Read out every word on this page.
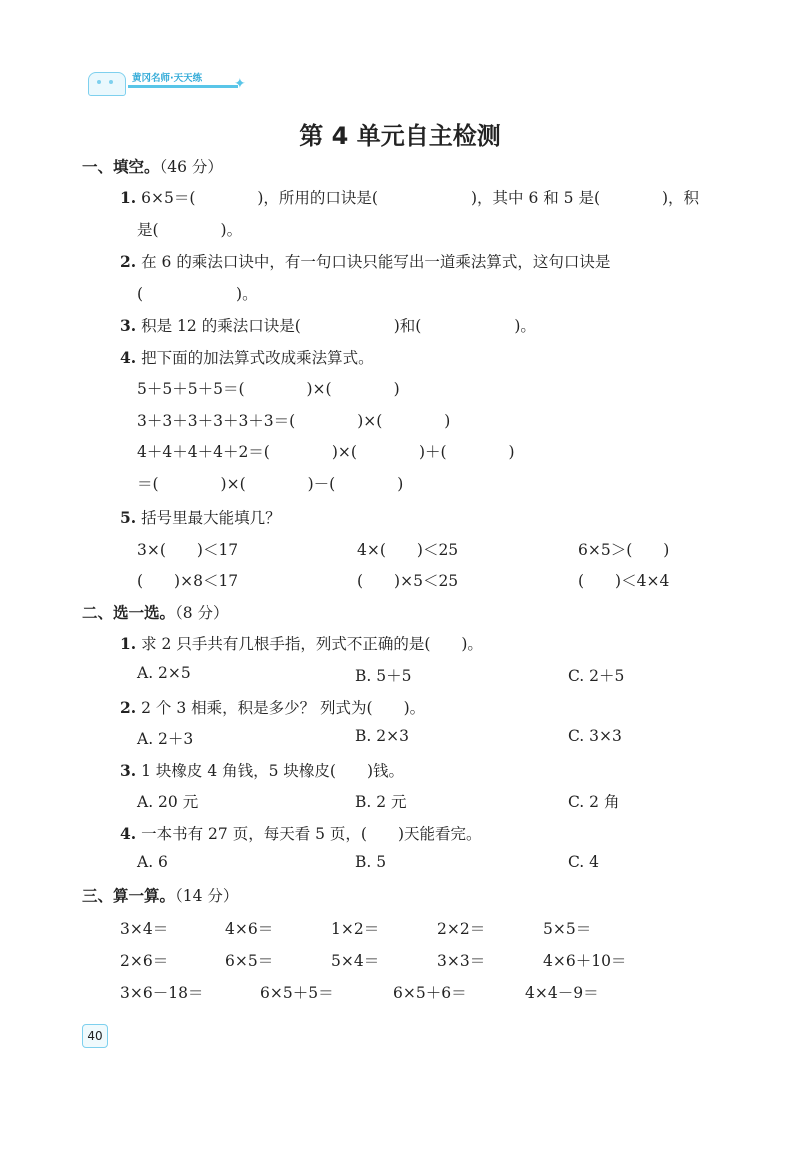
黄冈名师·天天练 ✦
第 4 单元自主检测
一、填空。（46 分）
1. 6×5＝(　　　　)，所用的口诀是(　　　　　　)，其中 6 和 5 是(　　　　)，积
是(　　　　)。
2. 在 6 的乘法口诀中，有一句口诀只能写出一道乘法算式，这句口诀是
(　　　　　　)。
3. 积是 12 的乘法口诀是(　　　　　　)和(　　　　　　)。
4. 把下面的加法算式改成乘法算式。
5＋5＋5＋5＝(　　　　)×(　　　　)
3＋3＋3＋3＋3＋3＝(　　　　)×(　　　　)
4＋4＋4＋4＋2＝(　　　　)×(　　　　)＋(　　　　)
＝(　　　　)×(　　　　)－(　　　　)
5. 括号里最大能填几？
3×(　　)＜17	4×(　　)＜25	6×5＞(　　)
(　　)×8＜17	(　　)×5＜25	(　　)＜4×4
二、选一选。（8 分）
1. 求 2 只手共有几根手指，列式不正确的是(　　)。
A. 2×5	B. 5＋5	C. 2＋5
2. 2 个 3 相乘，积是多少？ 列式为(　　)。
A. 2＋3	B. 2×3	C. 3×3
3. 1 块橡皮 4 角钱，5 块橡皮(　　)钱。
A. 20 元	B. 2 元	C. 2 角
4. 一本书有 27 页，每天看 5 页，(　　)天能看完。
A. 6	B. 5	C. 4
三、算一算。（14 分）
3×4＝	4×6＝	1×2＝	2×2＝	5×5＝
2×6＝	6×5＝	5×4＝	3×3＝	4×6＋10＝
3×6－18＝	6×5＋5＝	6×5＋6＝	4×4－9＝
40
